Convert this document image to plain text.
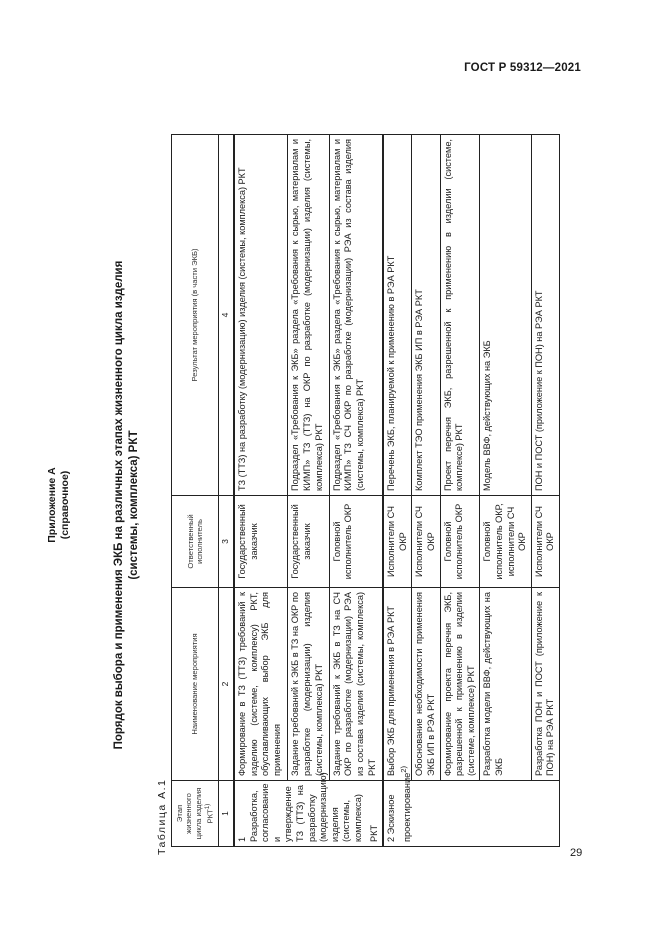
ГОСТ Р 59312—2021
29
Приложение А (справочное)	Порядок выбора и применения ЭКБ на различных этапах жизненного цикла изделия (системы, комплекса) РКТ
Таблица А.1 Этап жизненного цикла изделия РКТ$^{1)}$	Наименование мероприятия	Ответственный исполнитель	Результат мероприятия (в части ЭКБ)
1	2	3	4
1 Разработка, согласование и утверждение ТЗ (ТТЗ) на разработку (модернизацию) изделия (системы, комплекса) РКТ	Формирование в ТЗ (ТТЗ) требований к изделию (системе, комплексу) РКТ, обуславливающих выбор ЭКБ для применения	Государственный заказчик	ТЗ (ТТЗ) на разработку (модернизацию) изделия (системы, комплекса) РКТ
	Задание требований к ЭКБ в ТЗ на ОКР по разработке (модернизации) изделия (системы, комплекса) РКТ	Государственный заказчик	Подраздел «Требования к ЭКБ» раздела «Требования к сырью, материалам и КИМП» ТЗ (ТТЗ) на ОКР по разработке (модернизации) изделия (системы, комплекса) РКТ
	Задание требований к ЭКБ в ТЗ на СЧ ОКР по разработке (модернизации) РЭА из состава изделия (системы, комплекса) РКТ	Головной исполнитель ОКР	Подраздел «Требования к ЭКБ» раздела «Требования к сырью, материалам и КИМП» ТЗ СЧ ОКР по разработке (модернизации) РЭА из состава изделия (системы, комплекса) РКТ
2 Эскизное проектирование$^{2)}$	Выбор ЭКБ для применения в РЭА РКТ	Исполнители СЧ ОКР	Перечень ЭКБ, планируемой к применению в РЭА РКТ
	Обоснование необходимости применения ЭКБ ИП в РЭА РКТ	Исполнители СЧ ОКР	Комплект ТЭО применения ЭКБ ИП в РЭА РКТ
	Формирование проекта перечня ЭКБ, разрешенной к применению в изделии (системе, комплексе) РКТ	Головной исполнитель ОКР	Проект перечня ЭКБ, разрешенной к применению в изделии (системе, комплексе) РКТ
	Разработка модели ВВФ, действующих на ЭКБ	Головной исполнитель ОКР, исполнители СЧ ОКР	Модель ВВФ, действующих на ЭКБ
	Разработка ПОН и ПОСТ (приложение к ПОН) на РЭА РКТ	Исполнители СЧ ОКР	ПОН и ПОСТ (приложение к ПОН) на РЭА РКТ
